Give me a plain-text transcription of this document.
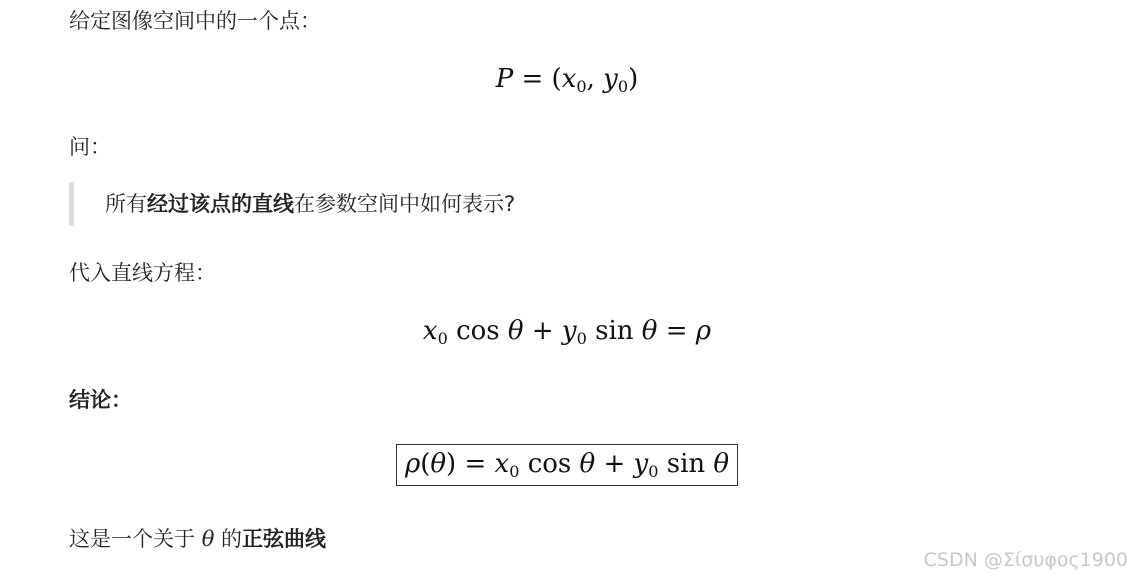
给定图像空间中的一个点：
$P = (x_0$, $y_0$)
问：
所有经过该点的直线在参数空间中如何表示?
代入直线方程：
$x_0$ $\cos \theta + y_0$ sin θ = ρ
结论：
$\rho(\theta) = x_0$ $\cos \theta + y_0$ sin θ
这是一个关于 θ 的正弦曲线
CSDN @Σίσυφος1900
